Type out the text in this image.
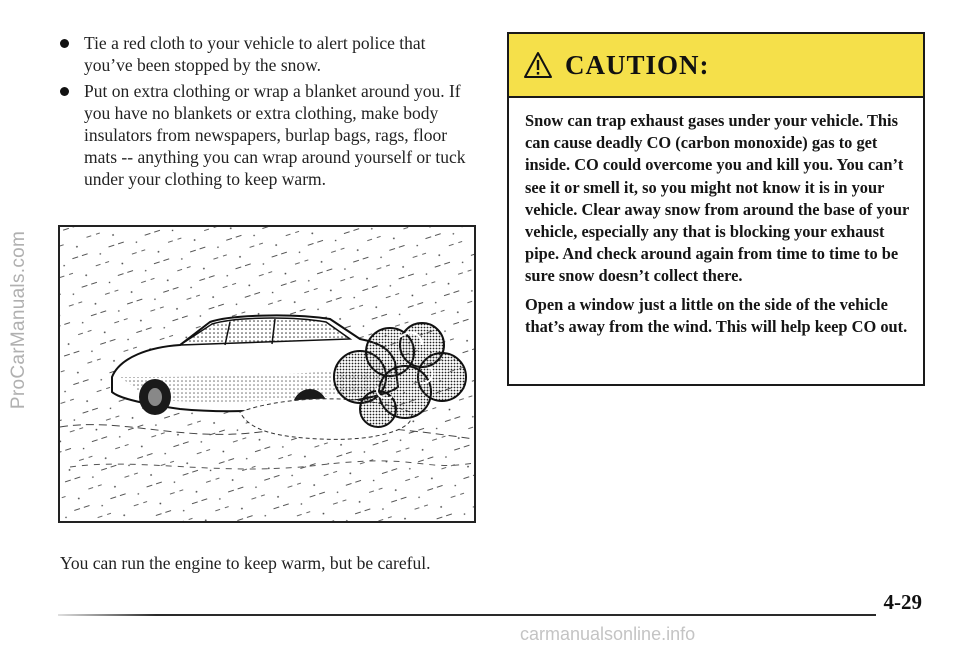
ProCarManuals.com
Tie a red cloth to your vehicle to alert police that you’ve been stopped by the snow.
Put on extra clothing or wrap a blanket around you. If you have no blankets or extra clothing, make body insulators from newspapers, burlap bags, rags, floor mats -- anything you can wrap around yourself or tuck under your clothing to keep warm.
You can run the engine to keep warm, but be careful.
CAUTION:

Snow can trap exhaust gases under your vehicle. This can cause deadly CO (carbon monoxide) gas to get inside. CO could overcome you and kill you. You can’t see it or smell it, so you might not know it is in your vehicle. Clear away snow from around the base of your vehicle, especially any that is blocking your exhaust pipe. And check around again from time to time to be sure snow doesn’t collect there.

Open a window just a little on the side of the vehicle that’s away from the wind. This will help keep CO out.

4-29
carmanualsonline.info
